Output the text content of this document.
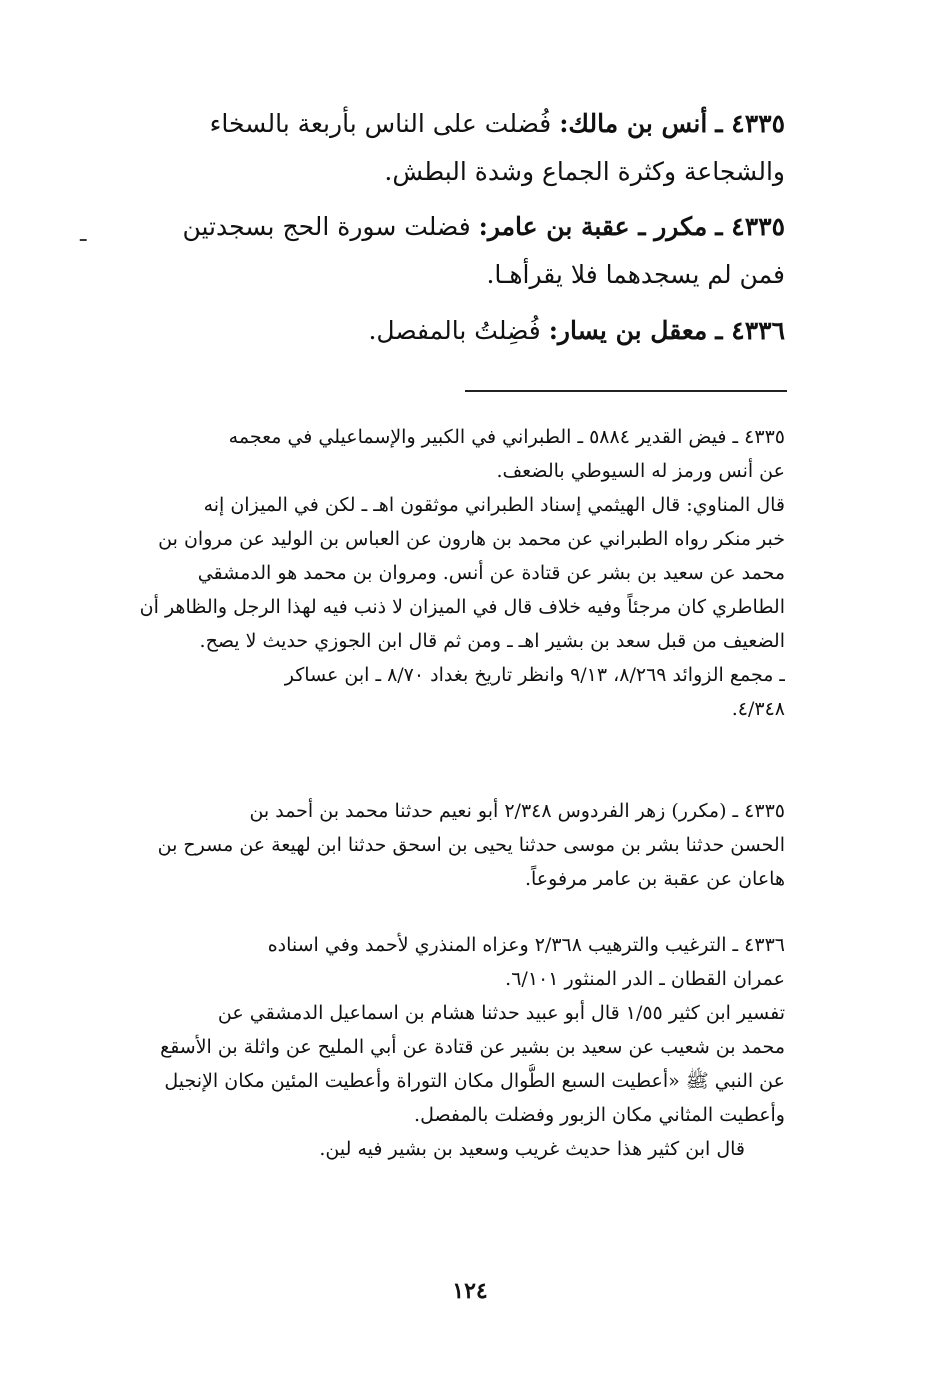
ـ
٤٣٣٥ ـ أنس بن مالك: فُضلت على الناس بأربعة بالسخاء
والشجاعة وكثرة الجماع وشدة البطش.
٤٣٣٥ ـ مكرر ـ عقبة بن عامر: فضلت سورة الحج بسجدتين
فمن لم يسجدهما فلا يقرأهـا.
٤٣٣٦ ـ معقل بن يسار: فُضِلتُ بالمفصل.
٤٣٣٥ ـ فيض القدير ٥٨٨٤ ـ الطبراني في الكبير والإسماعيلي في معجمه
عن أنس ورمز له السيوطي بالضعف.
قال المناوي: قال الهيثمي إسناد الطبراني موثقون اهـ ـ لكن في الميزان إنه
خبر منكر رواه الطبراني عن محمد بن هارون عن العباس بن الوليد عن مروان بن
محمد عن سعيد بن بشر عن قتادة عن أنس. ومروان بن محمد هو الدمشقي
الطاطري كان مرجئاً وفيه خلاف قال في الميزان لا ذنب فيه لهذا الرجل والظاهر أن
الضعيف من قبل سعد بن بشير اهـ ـ ومن ثم قال ابن الجوزي حديث لا يصح.
ـ مجمع الزوائد ٨/٢٦٩، ٩/١٣ وانظر تاريخ بغداد ٨/٧٠ ـ ابن عساكر
٤/٣٤٨.
٤٣٣٥ ـ (مكرر) زهر الفردوس ٢/٣٤٨ أبو نعيم حدثنا محمد بن أحمد بن
الحسن حدثنا بشر بن موسى حدثنا يحيى بن اسحق حدثنا ابن لهيعة عن مسرح بن
هاعان عن عقبة بن عامر مرفوعاً.
٤٣٣٦ ـ الترغيب والترهيب ٢/٣٦٨ وعزاه المنذري لأحمد وفي اسناده
عمران القطان ـ الدر المنثور ٦/١٠١.
تفسير ابن كثير ١/٥٥ قال أبو عبيد حدثنا هشام بن اسماعيل الدمشقي عن
محمد بن شعيب عن سعيد بن بشير عن قتادة عن أبي المليح عن واثلة بن الأسقع
عن النبي ﷺ «أعطيت السبع الطُّوال مكان التوراة وأعطيت المئين مكان الإنجيل
وأعطيت المثاني مكان الزبور وفضلت بالمفصل.
قال ابن كثير هذا حديث غريب وسعيد بن بشير فيه لين.
١٢٤
